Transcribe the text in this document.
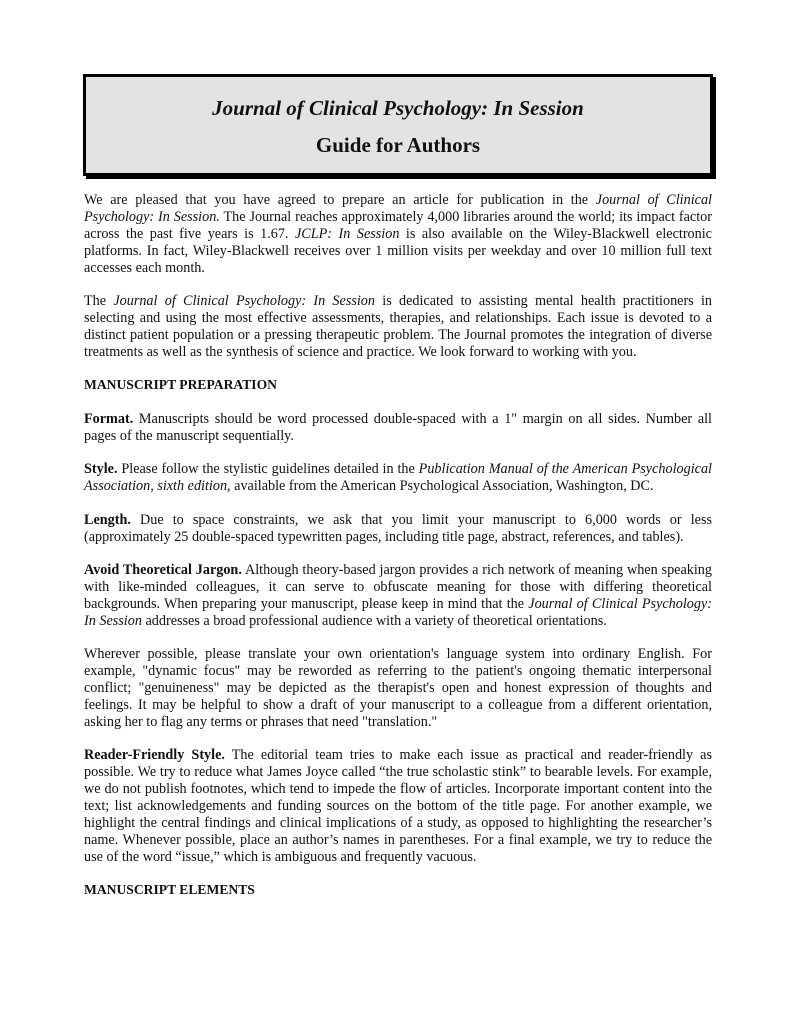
Journal of Clinical Psychology: In Session
Guide for Authors

We are pleased that you have agreed to prepare an article for publication in the Journal of Clinical Psychology: In Session. The Journal reaches approximately 4,000 libraries around the world; its impact factor across the past five years is 1.67. JCLP: In Session is also available on the Wiley-Blackwell electronic platforms. In fact, Wiley-Blackwell receives over 1 million visits per weekday and over 10 million full text accesses each month.

The Journal of Clinical Psychology: In Session is dedicated to assisting mental health practitioners in selecting and using the most effective assessments, therapies, and relationships. Each issue is devoted to a distinct patient population or a pressing therapeutic problem. The Journal promotes the integration of diverse treatments as well as the synthesis of science and practice. We look forward to working with you.

MANUSCRIPT PREPARATION

Format. Manuscripts should be word processed double-spaced with a 1" margin on all sides. Number all pages of the manuscript sequentially.

Style. Please follow the stylistic guidelines detailed in the Publication Manual of the American Psychological Association, sixth edition, available from the American Psychological Association, Washington, DC.

Length. Due to space constraints, we ask that you limit your manuscript to 6,000 words or less (approximately 25 double-spaced typewritten pages, including title page, abstract, references, and tables).

Avoid Theoretical Jargon. Although theory-based jargon provides a rich network of meaning when speaking with like-minded colleagues, it can serve to obfuscate meaning for those with differing theoretical backgrounds. When preparing your manuscript, please keep in mind that the Journal of Clinical Psychology: In Session addresses a broad professional audience with a variety of theoretical orientations.

Wherever possible, please translate your own orientation's language system into ordinary English. For example, "dynamic focus" may be reworded as referring to the patient's ongoing thematic interpersonal conflict; "genuineness" may be depicted as the therapist's open and honest expression of thoughts and feelings. It may be helpful to show a draft of your manuscript to a colleague from a different orientation, asking her to flag any terms or phrases that need "translation."

Reader-Friendly Style. The editorial team tries to make each issue as practical and reader-friendly as possible. We try to reduce what James Joyce called “the true scholastic stink” to bearable levels. For example, we do not publish footnotes, which tend to impede the flow of articles. Incorporate important content into the text; list acknowledgements and funding sources on the bottom of the title page. For another example, we highlight the central findings and clinical implications of a study, as opposed to highlighting the researcher’s name. Whenever possible, place an author’s names in parentheses. For a final example, we try to reduce the use of the word “issue,” which is ambiguous and frequently vacuous.

MANUSCRIPT ELEMENTS
